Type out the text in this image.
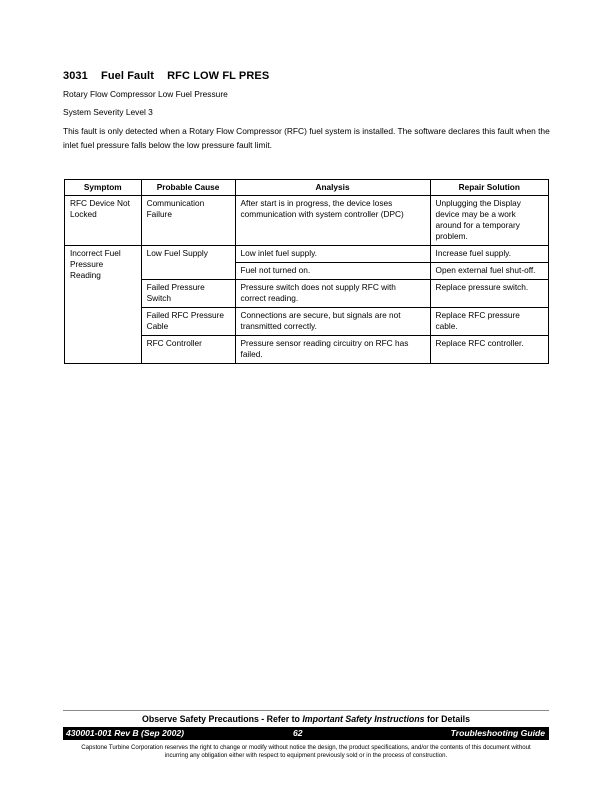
3031 Fuel Fault RFC LOW FL PRES
Rotary Flow Compressor Low Fuel Pressure
System Severity Level 3
This fault is only detected when a Rotary Flow Compressor (RFC) fuel system is installed. The software declares this fault when the inlet fuel pressure falls below the low pressure fault limit.
Symptom	Probable Cause	Analysis	Repair Solution
RFC Device Not Locked	Communication Failure	After start is in progress, the device loses communication with system controller (DPC)	Unplugging the Display device may be a work around for a temporary problem.
Incorrect Fuel Pressure Reading	Low Fuel Supply	Low inlet fuel supply.	Increase fuel supply.
		Fuel not turned on.	Open external fuel shut-off.
	Failed Pressure Switch	Pressure switch does not supply RFC with correct reading.	Replace pressure switch.
	Failed RFC Pressure Cable	Connections are secure, but signals are not transmitted correctly.	Replace RFC pressure cable.
	RFC Controller	Pressure sensor reading circuitry on RFC has failed.	Replace RFC controller.
Observe Safety Precautions - Refer to Important Safety Instructions for Details
430001-001 Rev B (Sep 2002)	62	Troubleshooting Guide
Capstone Turbine Corporation reserves the right to change or modify without notice the design, the product specifications, and/or the contents of this document without incurring any obligation either with respect to equipment previously sold or in the process of construction.
